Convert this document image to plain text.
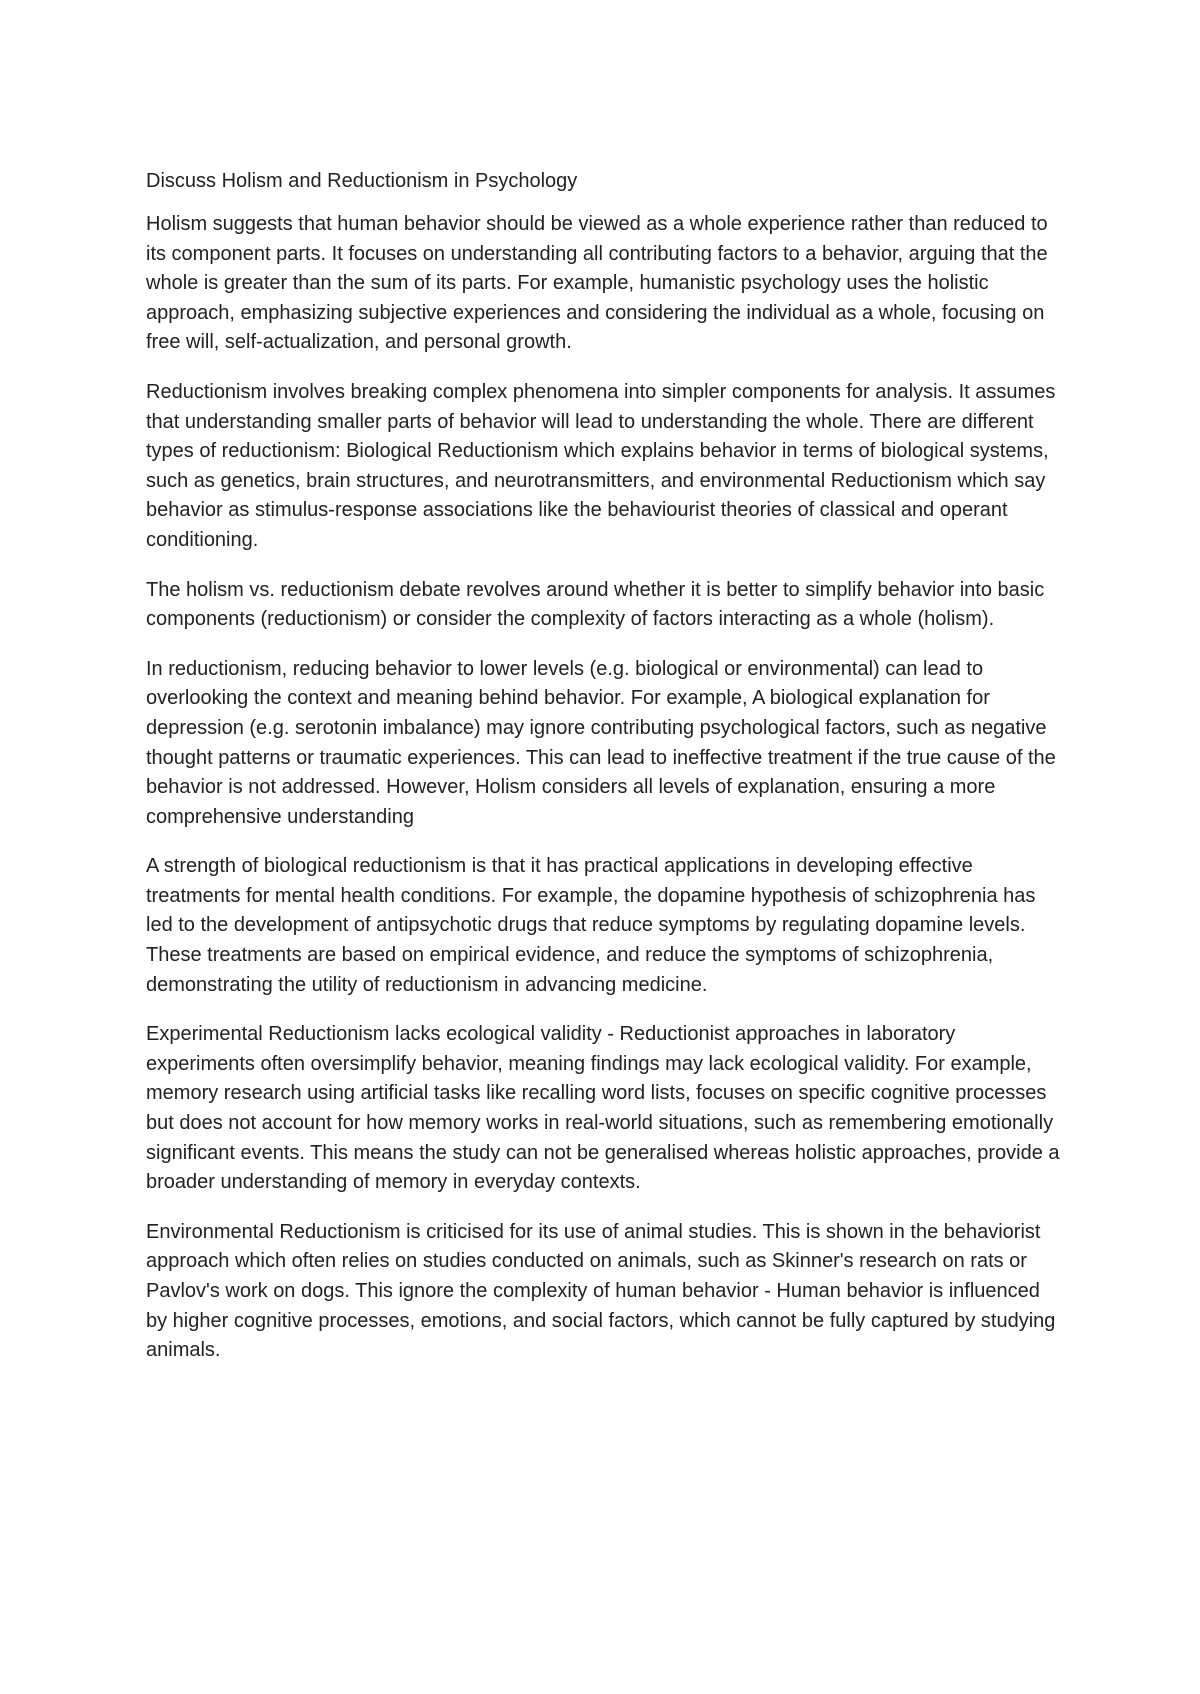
Discuss Holism and Reductionism in Psychology

Holism suggests that human behavior should be viewed as a whole experience rather than reduced to its component parts. It focuses on understanding all contributing factors to a behavior, arguing that the whole is greater than the sum of its parts. For example, humanistic psychology uses the holistic approach, emphasizing subjective experiences and considering the individual as a whole, focusing on free will, self-actualization, and personal growth.

Reductionism involves breaking complex phenomena into simpler components for analysis. It assumes that understanding smaller parts of behavior will lead to understanding the whole. There are different types of reductionism: Biological Reductionism which explains behavior in terms of biological systems, such as genetics, brain structures, and neurotransmitters, and environmental Reductionism which say behavior as stimulus-response associations like the behaviourist theories of classical and operant conditioning.

The holism vs. reductionism debate revolves around whether it is better to simplify behavior into basic components (reductionism) or consider the complexity of factors interacting as a whole (holism).

In reductionism, reducing behavior to lower levels (e.g. biological or environmental) can lead to overlooking the context and meaning behind behavior. For example, A biological explanation for depression (e.g. serotonin imbalance) may ignore contributing psychological factors, such as negative thought patterns or traumatic experiences. This can lead to ineffective treatment if the true cause of the behavior is not addressed. However, Holism considers all levels of explanation, ensuring a more comprehensive understanding

A strength of biological reductionism is that it has practical applications in developing effective treatments for mental health conditions. For example, the dopamine hypothesis of schizophrenia has led to the development of antipsychotic drugs that reduce symptoms by regulating dopamine levels. These treatments are based on empirical evidence, and reduce the symptoms of schizophrenia, demonstrating the utility of reductionism in advancing medicine.

Experimental Reductionism lacks ecological validity - Reductionist approaches in laboratory experiments often oversimplify behavior, meaning findings may lack ecological validity. For example, memory research using artificial tasks like recalling word lists, focuses on specific cognitive processes but does not account for how memory works in real-world situations, such as remembering emotionally significant events. This means the study can not be generalised whereas holistic approaches, provide a broader understanding of memory in everyday contexts.

Environmental Reductionism is criticised for its use of animal studies. This is shown in the behaviorist approach which often relies on studies conducted on animals, such as Skinner's research on rats or Pavlov's work on dogs. This ignore the complexity of human behavior - Human behavior is influenced by higher cognitive processes, emotions, and social factors, which cannot be fully captured by studying animals.
